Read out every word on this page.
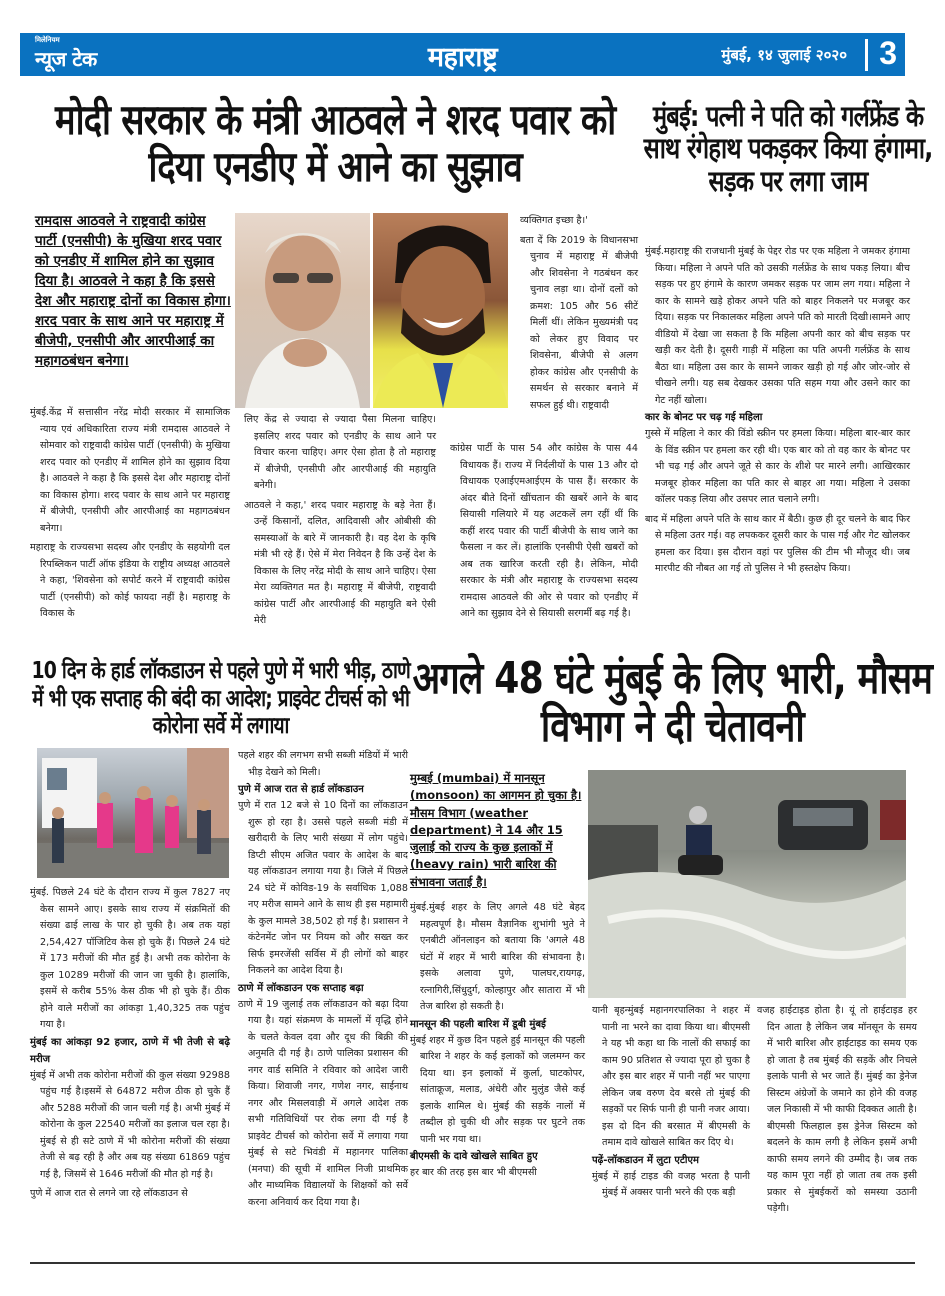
मिलेनियम
न्यूज टेक	महाराष्ट्र	मुंबई, १४ जुलाई २०२० 3
मोदी सरकार के मंत्री आठवले ने शरद पवार को दिया एनडीए में आने का सुझाव
रामदास आठवले ने राष्ट्रवादी कांग्रेस पार्टी (एनसीपी) के मुखिया शरद पवार को एनडीए में शामिल होने का सुझाव दिया है। आठवले ने कहा है कि इससे देश और महाराष्ट्र दोनों का विकास होगा। शरद पवार के साथ आने पर महाराष्ट्र में बीजेपी, एनसीपी और आरपीआई का महागठबंधन बनेगा।

मुंबई.केंद्र में सत्तासीन नरेंद्र मोदी सरकार में सामाजिक न्याय एवं अधिकारिता राज्य मंत्री रामदास आठवले ने सोमवार को राष्ट्रवादी कांग्रेस पार्टी (एनसीपी) के मुखिया शरद पवार को एनडीए में शामिल होने का सुझाव दिया है। आठवले ने कहा है कि इससे देश और महाराष्ट्र दोनों का विकास होगा। शरद पवार के साथ आने पर महाराष्ट्र में बीजेपी, एनसीपी और आरपीआई का महागठबंधन बनेगा।

महाराष्ट्र के राज्यसभा सदस्य और एनडीए के सहयोगी दल रिपब्लिकन पार्टी ऑफ इंडिया के राष्ट्रीय अध्यक्ष आठवले ने कहा, 'शिवसेना को सपोर्ट करने में राष्ट्रवादी कांग्रेस पार्टी (एनसीपी) को कोई फायदा नहीं है। महाराष्ट्र के विकास के

लिए केंद्र से ज्यादा से ज्यादा पैसा मिलना चाहिए। इसलिए शरद पवार को एनडीए के साथ आने पर विचार करना चाहिए। अगर ऐसा होता है तो महाराष्ट्र में बीजेपी, एनसीपी और आरपीआई की महायुति बनेगी।

आठवले ने कहा,' शरद पवार महाराष्ट्र के बड़े नेता हैं। उन्हें किसानों, दलित, आदिवासी और ओबीसी की समस्याओं के बारे में जानकारी है। वह देश के कृषि मंत्री भी रहे हैं। ऐसे में मेरा निवेदन है कि उन्हें देश के विकास के लिए नरेंद्र मोदी के साथ आने चाहिए। ऐसा मेरा व्यक्तिगत मत है। महाराष्ट्र में बीजेपी, राष्ट्रवादी कांग्रेस पार्टी और आरपीआई की महायुति बने ऐसी मेरी

व्यक्तिगत इच्छा है।'

बता दें कि 2019 के विधानसभा चुनाव में महाराष्ट्र में बीजेपी और शिवसेना ने गठबंधन कर चुनाव लड़ा था। दोनों दलों को क्रमश: 105 और 56 सीटें मिलीं थीं। लेकिन मुख्यमंत्री पद को लेकर हुए विवाद पर शिवसेना, बीजेपी से अलग होकर कांग्रेस और एनसीपी के समर्थन से सरकार बनाने में सफल हुई थी। राष्ट्रवादी

कांग्रेस पार्टी के पास 54 और कांग्रेस के पास 44 विधायक हैं। राज्य में निर्दलीयों के पास 13 और दो विधायक एआईएमआईएम के पास हैं। सरकार के अंदर बीते दिनों खींचतान की खबरें आने के बाद सियासी गलियारे में यह अटकलें लग रहीं थीं कि कहीं शरद पवार की पार्टी बीजेपी के साथ जाने का फैसला न कर लें। हालांकि एनसीपी ऐसी खबरों को अब तक खारिज करती रही है। लेकिन, मोदी सरकार के मंत्री और महाराष्ट्र के राज्यसभा सदस्य रामदास आठवले की ओर से पवार को एनडीए में आने का सुझाव देने से सियासी सरगर्मी बढ़ गई है।

मुंबई: पत्नी ने पति को गर्लफ्रेंड के साथ रंगेहाथ पकड़कर किया हंगामा, सड़क पर लगा जाम

मुंबई.महाराष्ट्र की राजधानी मुंबई के पेद्दर रोड पर एक महिला ने जमकर हंगामा किया। महिला ने अपने पति को उसकी गर्लफ्रेंड के साथ पकड़ लिया। बीच सड़क पर हुए हंगामे के कारण जमकर सड़क पर जाम लग गया। महिला ने कार के सामने खड़े होकर अपने पति को बाहर निकलने पर मजबूर कर दिया। सड़क पर निकालकर महिला अपने पति को मारती दिखी।सामने आए वीडियो में देखा जा सकता है कि महिला अपनी कार को बीच सड़क पर खड़ी कर देती है। दूसरी गाड़ी में महिला का पति अपनी गर्लफ्रेंड के साथ बैठा था। महिला उस कार के सामने जाकर खड़ी हो गई और जोर-जोर से चीखने लगी। यह सब देखकर उसका पति सहम गया और उसने कार का गेट नहीं खोला।

कार के बोनट पर चढ़ गई महिला

गुस्से में महिला ने कार की विंडो स्क्रीन पर हमला किया। महिला बार-बार कार के विंड स्क्रीन पर हमला कर रही थी। एक बार को तो वह कार के बोनट पर भी चढ़ गई और अपने जूते से कार के शीशे पर मारने लगी। आखिरकार मजबूर होकर महिला का पति कार से बाहर आ गया। महिला ने उसका कॉलर पकड़ लिया और उसपर लात चलाने लगी।

बाद में महिला अपने पति के साथ कार में बैठी। कुछ ही दूर चलने के बाद फिर से महिला उतर गई। वह लपककर दूसरी कार के पास गई और गेट खोलकर हमला कर दिया। इस दौरान वहां पर पुलिस की टीम भी मौजूद थी। जब मारपीट की नौबत आ गई तो पुलिस ने भी हस्तक्षेप किया।

10 दिन के हार्ड लॉकडाउन से पहले पुणे में भारी भीड़, ठाणे में भी एक सप्ताह की बंदी का आदेश; प्राइवेट टीचर्स को भी कोरोना सर्वे में लगाया

मुंबई. पिछले 24 घंटे के दौरान राज्य में कुल 7827 नए केस सामने आए। इसके साथ राज्य में संक्रमितों की संख्या ढाई लाख के पार हो चुकी है। अब तक यहां 2,54,427 पॉजिटिव केस हो चुके हैं। पिछले 24 घंटे में 173 मरीजों की मौत हुई है। अभी तक कोरोना के कुल 10289 मरीजों की जान जा चुकी है। हालांकि, इसमें से करीब 55% केस ठीक भी हो चुके हैं। ठीक होने वाले मरीजों का आंकड़ा 1,40,325 तक पहुंच गया है।

मुंबई का आंकड़ा 92 हजार, ठाणे में भी तेजी से बढ़े मरीज

मुंबई में अभी तक कोरोना मरीजों की कुल संख्या 92988 पहुंच गई है।इसमें से 64872 मरीज ठीक हो चुके हैं और 5288 मरीजों की जान चली गई है। अभी मुंबई में कोरोना के कुल 22540 मरीजों का इलाज चल रहा है। मुंबई से ही सटे ठाणे में भी कोरोना मरीजों की संख्या तेजी से बढ़ रही है और अब यह संख्या 61869 पहुंच गई है, जिसमें से 1646 मरीजों की मौत हो गई है।

पुणे में आज रात से लगने जा रहे लॉकडाउन से

पहले शहर की लगभग सभी सब्जी मंडियों में भारी भीड़ देखने को मिली।

पुणे में आज रात से हार्ड लॉकडाउन

पुणे में रात 12 बजे से 10 दिनों का लॉकडाउन शुरू हो रहा है। उससे पहले सब्जी मंडी में खरीदारी के लिए भारी संख्या में लोग पहुंचे। डिप्टी सीएम अजित पवार के आदेश के बाद यह लॉकडाउन लगाया गया है। जिले में पिछले 24 घंटे में कोविड-19 के सर्वाधिक 1,088 नए मरीज सामने आने के साथ ही इस महामारी के कुल मामले 38,502 हो गई है। प्रशासन ने कंटेनमेंट जोन पर नियम को और सख्त कर सिर्फ इमरजेंसी सर्विस में ही लोगों को बाहर निकलने का आदेश दिया है।

ठाणे में लॉकडाउन एक सप्ताह बढ़ा

ठाणे में 19 जुलाई तक लॉकडाउन को बढ़ा दिया गया है। यहां संक्रमण के मामलों में वृद्धि होने के चलते केवल दवा और दूध की बिक्री की अनुमति दी गई है। ठाणे पालिका प्रशासन की नगर वार्ड समिति ने रविवार को आदेश जारी किया। शिवाजी नगर, गणेश नगर, साईनाथ नगर और मिसलवाड़ी में अगले आदेश तक सभी गतिविधियों पर रोक लगा दी गई है प्राइवेट टीचर्स को कोरोना सर्वे में लगाया गया मुंबई से सटे भिवंडी में महानगर पालिका (मनपा) की सूची में शामिल निजी प्राथमिक और माध्यमिक विद्यालयों के शिक्षकों को सर्वे करना अनिवार्य कर दिया गया है।

अगले 48 घंटे मुंबई के लिए भारी, मौसम विभाग ने दी चेतावनी
मुम्बई (mumbai) में मानसून (monsoon) का आगमन हो चुका है। मौसम विभाग (weather department) ने 14 और 15 जुलाई को राज्य के कुछ इलाकों में (heavy rain) भारी बारिश की संभावना जताई है।

मुंबई.मुंबई शहर के लिए अगले 48 घंटे बेहद महत्वपूर्ण है। मौसम वैज्ञानिक शुभांगी भुते ने एनबीटी ऑनलाइन को बताया कि 'अगले 48 घंटों में शहर में भारी बारिश की संभावना है। इसके अलावा पुणे, पालघर,रायगढ़, रत्नागिरी,सिंधुदुर्ग, कोल्हापुर और सातारा में भी तेज बारिश हो सकती है।

मानसून की पहली बारिश में डूबी मुंबई

मुंबई शहर में कुछ दिन पहले हुई मानसून की पहली बारिश ने शहर के कई इलाकों को जलमग्न कर दिया था। इन इलाकों में कुर्ला, घाटकोपर, सांताक्रूज, मलाड, अंधेरी और मुलुंड जैसे कई इलाके शामिल थे। मुंबई की सड़कें नालों में तब्दील हो चुकी थी और सड़क पर घुटने तक पानी भर गया था।

बीएमसी के दावे खोखले साबित हुए

हर बार की तरह इस बार भी बीएमसी

यानी बृहन्मुंबई महानगरपालिका ने शहर में पानी ना भरने का दावा किया था। बीएमसी ने यह भी कहा था कि नालों की सफाई का काम 90 प्रतिशत से ज्यादा पूरा हो चुका है और इस बार शहर में पानी नहीं भर पाएगा लेकिन जब वरुण देव बरसे तो मुंबई की सड़कों पर सिर्फ पानी ही पानी नजर आया। इस दो दिन की बरसात में बीएमसी के तमाम दावे खोखले साबित कर दिए थे।

पढ़ें-लॉकडाउन में लुटा एटीएम

मुंबई में हाई टाइड की वजह भरता है पानी मुंबई में अक्सर पानी भरने की एक बड़ी

वजह हाईटाइड होता है। यूं तो हाईटाइड हर दिन आता है लेकिन जब मॉनसून के समय में भारी बारिश और हाईटाइड का समय एक हो जाता है तब मुंबई की सड़कें और निचले इलाके पानी से भर जाते हैं। मुंबई का ड्रेनेज सिस्टम अंग्रेजों के जमाने का होने की वजह जल निकासी में भी काफी दिक्कत आती है। बीएमसी फिलहाल इस ड्रेनेज सिस्टम को बदलने के काम लगी है लेकिन इसमें अभी काफी समय लगने की उम्मीद है। जब तक यह काम पूरा नहीं हो जाता तब तक इसी प्रकार से मुंबईकरों को समस्या उठानी पड़ेगी।
